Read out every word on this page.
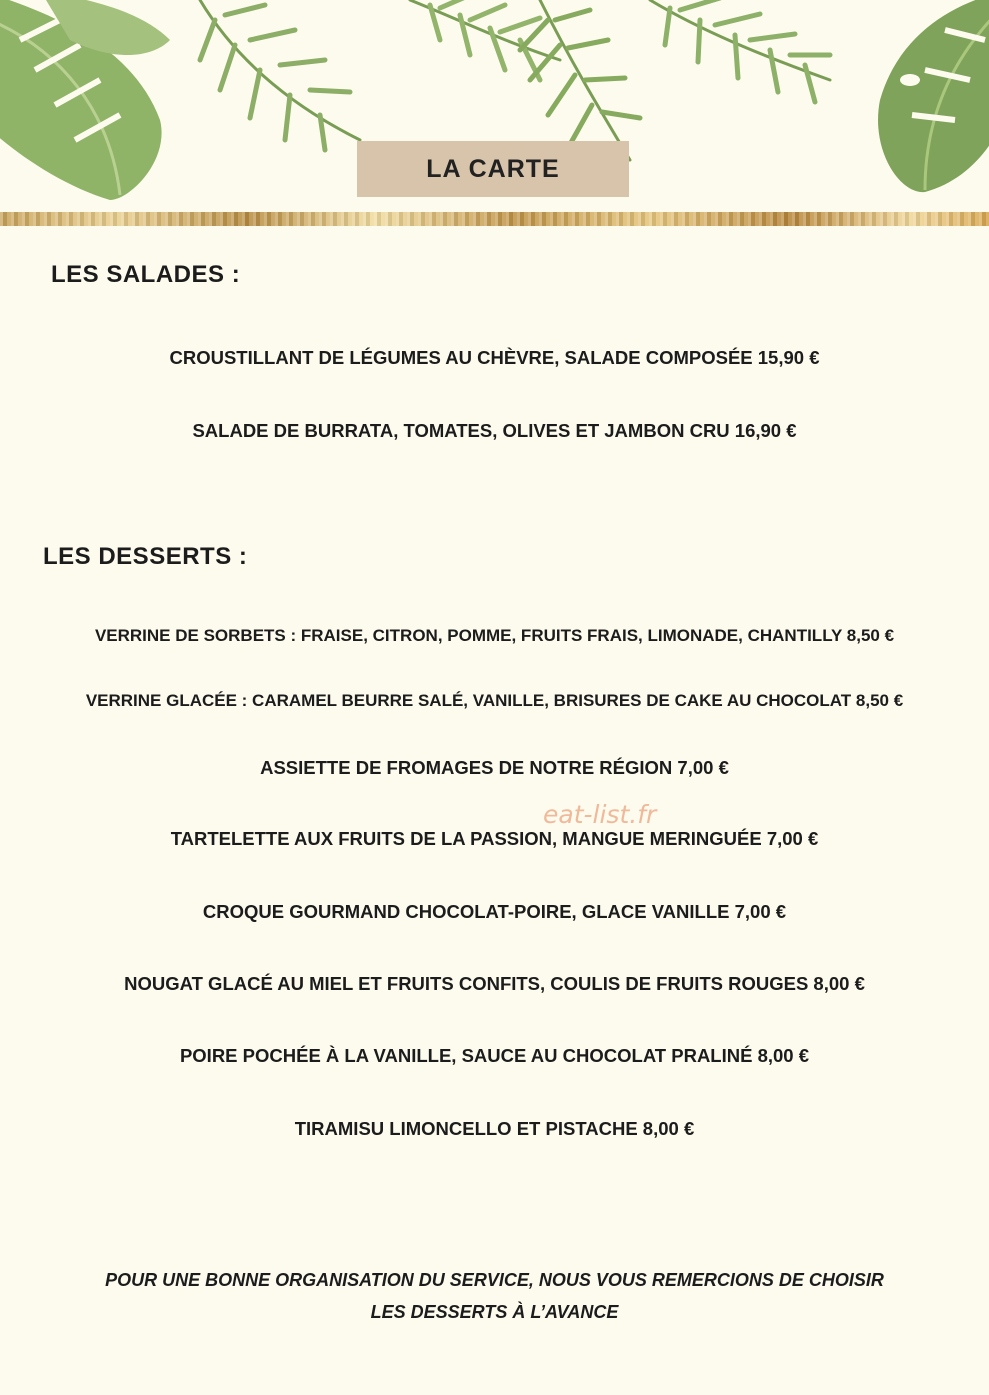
LA CARTE
LES SALADES :
CROUSTILLANT DE LÉGUMES AU CHÈVRE, SALADE COMPOSÉE 15,90 €
SALADE DE BURRATA, TOMATES, OLIVES ET JAMBON CRU 16,90 €
LES DESSERTS :
VERRINE DE SORBETS : FRAISE, CITRON, POMME, FRUITS FRAIS, LIMONADE, CHANTILLY 8,50 €
VERRINE GLACÉE : CARAMEL BEURRE SALÉ, VANILLE, BRISURES DE CAKE AU CHOCOLAT 8,50 €
ASSIETTE DE FROMAGES DE NOTRE RÉGION 7,00 €
TARTELETTE AUX FRUITS DE LA PASSION, MANGUE MERINGUÉE 7,00 €
CROQUE GOURMAND CHOCOLAT-POIRE, GLACE VANILLE 7,00 €
NOUGAT GLACÉ AU MIEL ET FRUITS CONFITS, COULIS DE FRUITS ROUGES 8,00 €
POIRE POCHÉE À LA VANILLE, SAUCE AU CHOCOLAT PRALINÉ 8,00 €
TIRAMISU LIMONCELLO ET PISTACHE 8,00 €
eat-list.fr
POUR UNE BONNE ORGANISATION DU SERVICE, NOUS VOUS REMERCIONS DE CHOISIR
LES DESSERTS À L’AVANCE
